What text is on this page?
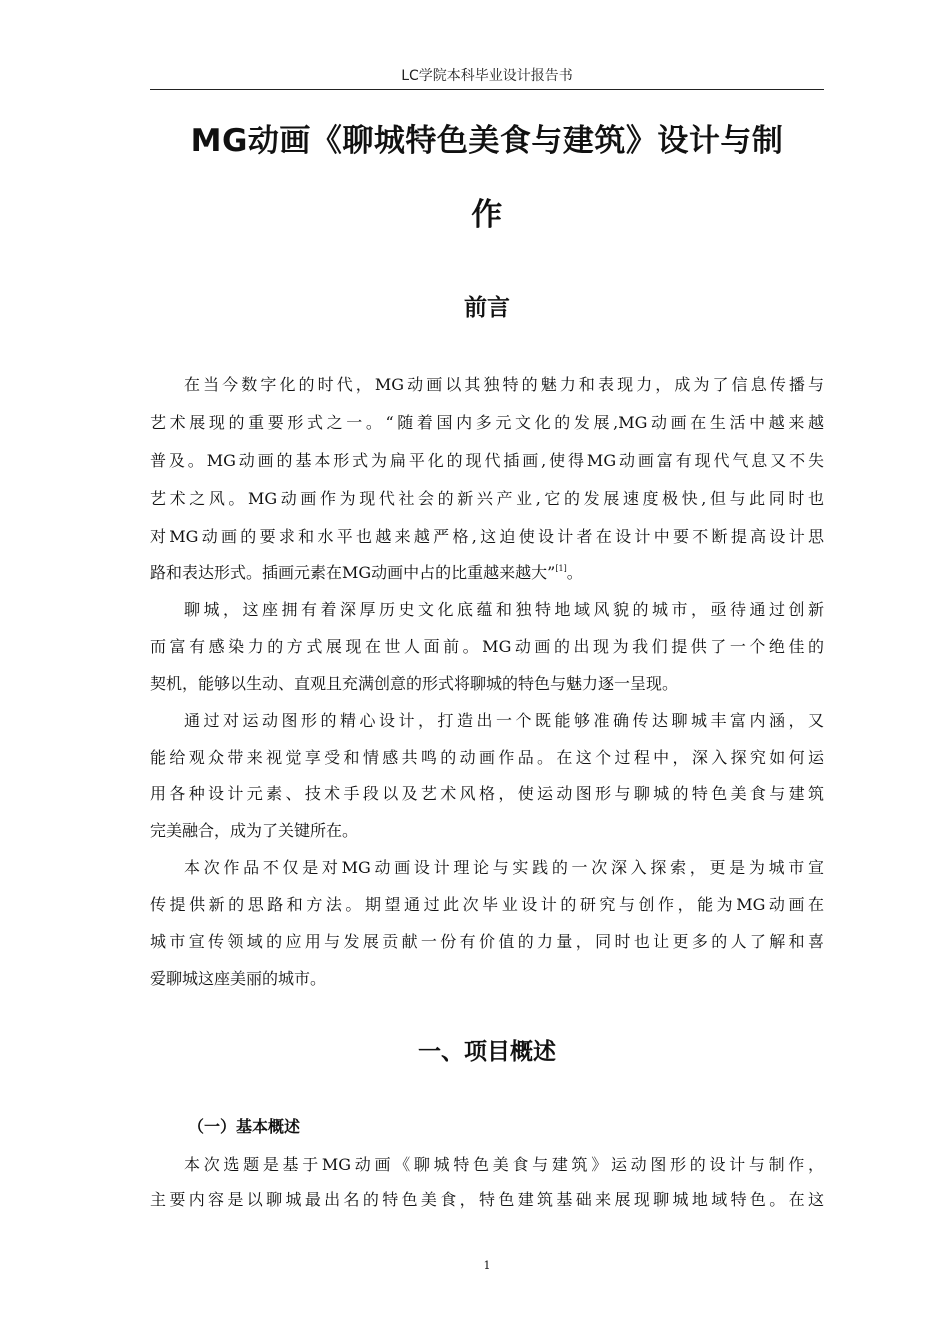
LC学院本科毕业设计报告书
MG动画《聊城特色美食与建筑》设计与制
作
前言
在当今数字化的时代，MG动画以其独特的魅力和表现力，成为了信息传播与
艺术展现的重要形式之一。“随着国内多元文化的发展,MG动画在生活中越来越
普及。MG动画的基本形式为扁平化的现代插画,使得MG动画富有现代气息又不失
艺术之风。MG动画作为现代社会的新兴产业,它的发展速度极快,但与此同时也
对MG动画的要求和水平也越来越严格,这迫使设计者在设计中要不断提高设计思
路和表达形式。插画元素在MG动画中占的比重越来越大”[1]。
聊城，这座拥有着深厚历史文化底蕴和独特地域风貌的城市，亟待通过创新
而富有感染力的方式展现在世人面前。MG动画的出现为我们提供了一个绝佳的
契机，能够以生动、直观且充满创意的形式将聊城的特色与魅力逐一呈现。
通过对运动图形的精心设计，打造出一个既能够准确传达聊城丰富内涵，又
能给观众带来视觉享受和情感共鸣的动画作品。在这个过程中，深入探究如何运
用各种设计元素、技术手段以及艺术风格，使运动图形与聊城的特色美食与建筑
完美融合，成为了关键所在。
本次作品不仅是对MG动画设计理论与实践的一次深入探索，更是为城市宣
传提供新的思路和方法。期望通过此次毕业设计的研究与创作，能为MG动画在
城市宣传领域的应用与发展贡献一份有价值的力量，同时也让更多的人了解和喜
爱聊城这座美丽的城市。
一、项目概述
（一）基本概述
本次选题是基于MG动画《聊城特色美食与建筑》运动图形的设计与制作，
主要内容是以聊城最出名的特色美食，特色建筑基础来展现聊城地域特色。在这
1
